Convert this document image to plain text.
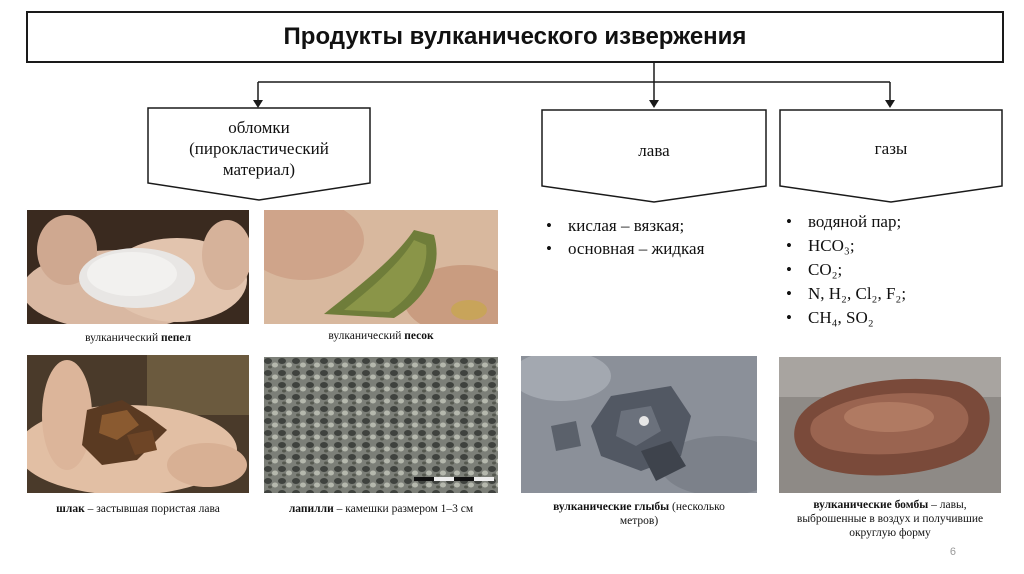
Продукты вулканического извержения
обломки
(пирокластический
материал)
лава	газы
• кислая – вязкая;
• основная – жидкая
• водяной пар;
• HCO₃;
• CO₂;
• N, H₂, Cl₂, F₂;
• CH₄, SO₂
вулканический пепел	вулканический песок
шлак – застывшая пористая лава	лапилли – камешки размером 1–3 см	вулканические глыбы (несколько метров)
вулканические бомбы – лавы, выброшенные в воздух и получившие округлую форму
6
